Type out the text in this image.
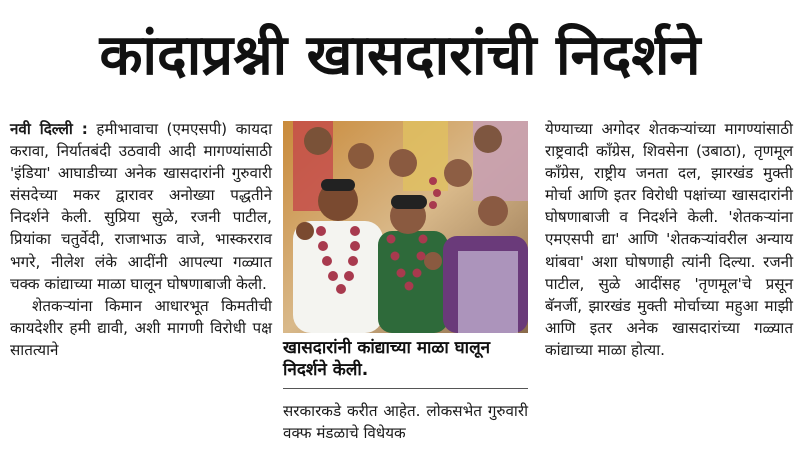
कांदाप्रश्नी खासदारांची निदर्शने

नवी दिल्ली : हमीभावाचा (एमएसपी) कायदा करावा, निर्यातबंदी उठवावी आदी मागण्यांसाठी 'इंडिया' आघाडीच्या अनेक खासदारांनी गुरुवारी संसदेच्या मकर द्वारावर अनोख्या पद्धतीने निदर्शने केली. सुप्रिया सुळे, रजनी पाटील, प्रियांका चतुर्वेदी, राजाभाऊ वाजे, भास्करराव भगरे, नीलेश लंके आदींनी आपल्या गळ्यात चक्क कांद्याच्या माळा घालून घोषणाबाजी केली.

शेतकऱ्यांना किमान आधारभूत किमतीची कायदेशीर हमी द्यावी, अशी मागणी विरोधी पक्ष सातत्याने	खासदारांनी कांद्याच्या माळा घालून निदर्शने केली.

सरकारकडे करीत आहेत. लोकसभेत गुरुवारी वक्फ मंडळाचे विधेयक

येण्याच्या अगोदर शेतकऱ्यांच्या मागण्यांसाठी राष्ट्रवादी काँग्रेस, शिवसेना (उबाठा), तृणमूल काँग्रेस, राष्ट्रीय जनता दल, झारखंड मुक्ती मोर्चा आणि इतर विरोधी पक्षांच्या खासदारांनी घोषणाबाजी व निदर्शने केली. 'शेतकऱ्यांना एमएसपी द्या' आणि 'शेतकऱ्यांवरील अन्याय थांबवा' अशा घोषणाही त्यांनी दिल्या. रजनी पाटील, सुळे आदींसह 'तृणमूल'चे प्रसून बॅनर्जी, झारखंड मुक्ती मोर्चाच्या महुआ माझी आणि इतर अनेक खासदारांच्या गळ्यात कांद्याच्या माळा होत्या.
